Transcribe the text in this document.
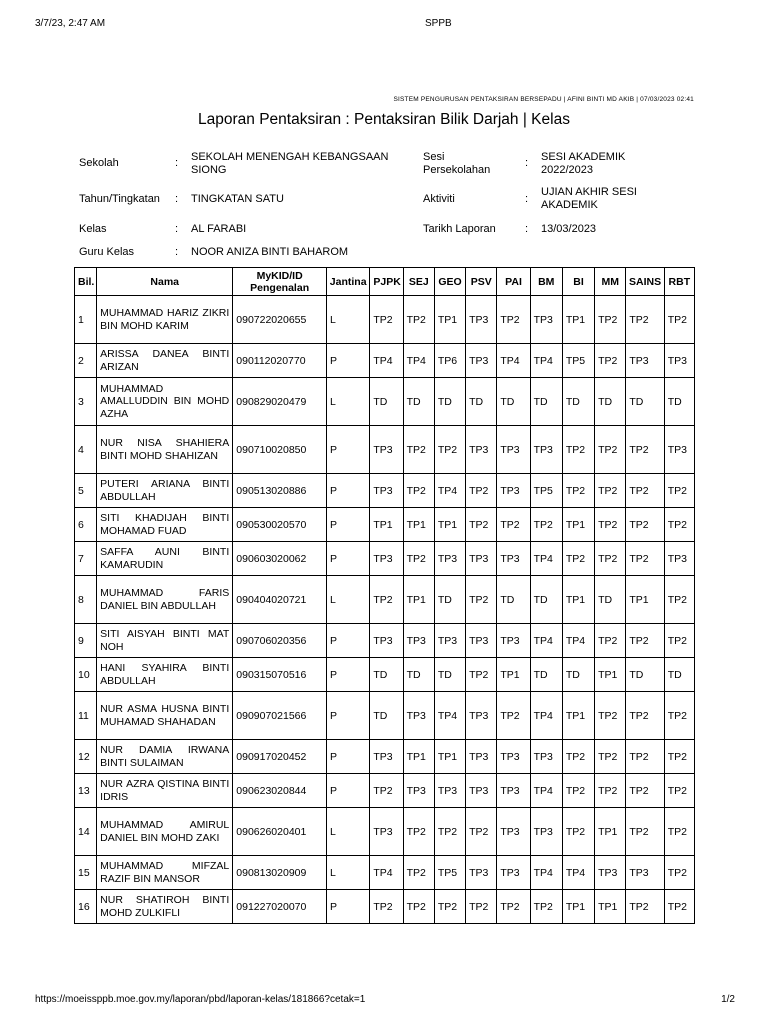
3/7/23, 2:47 AM	SPPB
SISTEM PENGURUSAN PENTAKSIRAN BERSEPADU | AFINI BINTI MD AKIB | 07/03/2023 02:41
Laporan Pentaksiran : Pentaksiran Bilik Darjah | Kelas
Sekolah	: SEKOLAH MENENGAH KEBANGSAAN SIONG
Sesi Persekolahan
: SESI AKADEMIK 2022/2023
Tahun/Tingkatan : TINGKATAN SATU	Aktiviti	:
UJIAN AKHIR SESI AKADEMIK
Kelas	: AL FARABI	Tarikh Laporan	: 13/03/2023
Guru Kelas	: NOOR ANIZA BINTI BAHAROM
Bil.	Nama	MyKID/ID Pengenalan	Jantina	PJPK	SEJ	GEO	PSV	PAI	BM	BI	MM	SAINS	RBT
1	MUHAMMAD HARIZ ZIKRI BIN MOHD KARIM	090722020655	L	TP2	TP2	TP1	TP3	TP2	TP3	TP1	TP2	TP2	TP2
2	ARISSA DANEA BINTI ARIZAN	090112020770	P	TP4	TP4	TP6	TP3	TP4	TP4	TP5	TP2	TP3	TP3
3	MUHAMMAD AMALLUDDIN BIN MOHD AZHA	090829020479	L	TD	TD	TD	TD	TD	TD	TD	TD	TD	TD
4	NUR NISA SHAHIERA BINTI MOHD SHAHIZAN	090710020850	P	TP3	TP2	TP2	TP3	TP3	TP3	TP2	TP2	TP2	TP3
5	PUTERI ARIANA BINTI ABDULLAH	090513020886	P	TP3	TP2	TP4	TP2	TP3	TP5	TP2	TP2	TP2	TP2
6	SITI KHADIJAH BINTI MOHAMAD FUAD	090530020570	P	TP1	TP1	TP1	TP2	TP2	TP2	TP1	TP2	TP2	TP2
7	SAFFA AUNI BINTI KAMARUDIN	090603020062	P	TP3	TP2	TP3	TP3	TP3	TP4	TP2	TP2	TP2	TP3
8	MUHAMMAD FARIS DANIEL BIN ABDULLAH	090404020721	L	TP2	TP1	TD	TP2	TD	TD	TP1	TD	TP1	TP2
9	SITI AISYAH BINTI MAT NOH	090706020356	P	TP3	TP3	TP3	TP3	TP3	TP4	TP4	TP2	TP2	TP2
10	HANI SYAHIRA BINTI ABDULLAH	090315070516	P	TD	TD	TD	TP2	TP1	TD	TD	TP1	TD	TD
11	NUR ASMA HUSNA BINTI MUHAMAD SHAHADAN	090907021566	P	TD	TP3	TP4	TP3	TP2	TP4	TP1	TP2	TP2	TP2
12	NUR DAMIA IRWANA BINTI SULAIMAN	090917020452	P	TP3	TP1	TP1	TP3	TP3	TP3	TP2	TP2	TP2	TP2
13	NUR AZRA QISTINA BINTI IDRIS	090623020844	P	TP2	TP3	TP3	TP3	TP3	TP4	TP2	TP2	TP2	TP2
14	MUHAMMAD AMIRUL DANIEL BIN MOHD ZAKI	090626020401	L	TP3	TP2	TP2	TP2	TP3	TP3	TP2	TP1	TP2	TP2
15	MUHAMMAD MIFZAL RAZIF BIN MANSOR	090813020909	L	TP4	TP2	TP5	TP3	TP3	TP4	TP4	TP3	TP3	TP2
16	NUR SHATIROH BINTI MOHD ZULKIFLI	091227020070	P	TP2	TP2	TP2	TP2	TP2	TP2	TP1	TP1	TP2	TP2
https://moeissppb.moe.gov.my/laporan/pbd/laporan-kelas/181866?cetak=1	1/2
